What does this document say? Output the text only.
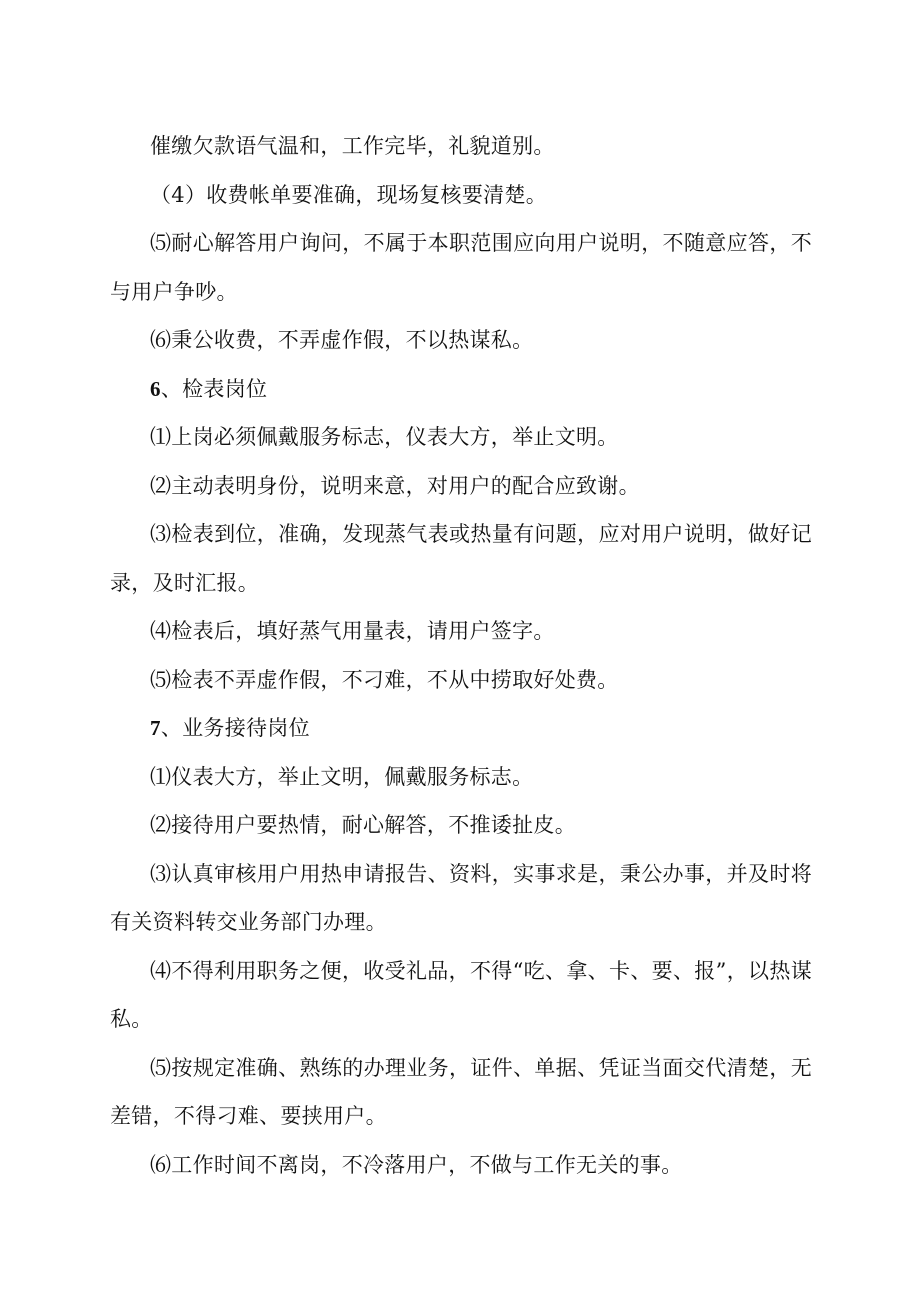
催缴欠款语气温和，工作完毕，礼貌道别。

（4）收费帐单要准确，现场复核要清楚。

⑸耐心解答用户询问，不属于本职范围应向用户说明，不随意应答，不与用户争吵。

⑹秉公收费，不弄虚作假，不以热谋私。

6、检表岗位

⑴上岗必须佩戴服务标志，仪表大方，举止文明。

⑵主动表明身份，说明来意，对用户的配合应致谢。

⑶检表到位，准确，发现蒸气表或热量有问题，应对用户说明，做好记录，及时汇报。

⑷检表后，填好蒸气用量表，请用户签字。

⑸检表不弄虚作假，不刁难，不从中捞取好处费。

7、业务接待岗位

⑴仪表大方，举止文明，佩戴服务标志。

⑵接待用户要热情，耐心解答，不推诿扯皮。

⑶认真审核用户用热申请报告、资料，实事求是，秉公办事，并及时将有关资料转交业务部门办理。

⑷不得利用职务之便，收受礼品，不得“吃、拿、卡、要、报”，以热谋私。

⑸按规定准确、熟练的办理业务，证件、单据、凭证当面交代清楚，无差错，不得刁难、要挟用户。

⑹工作时间不离岗，不冷落用户，不做与工作无关的事。
